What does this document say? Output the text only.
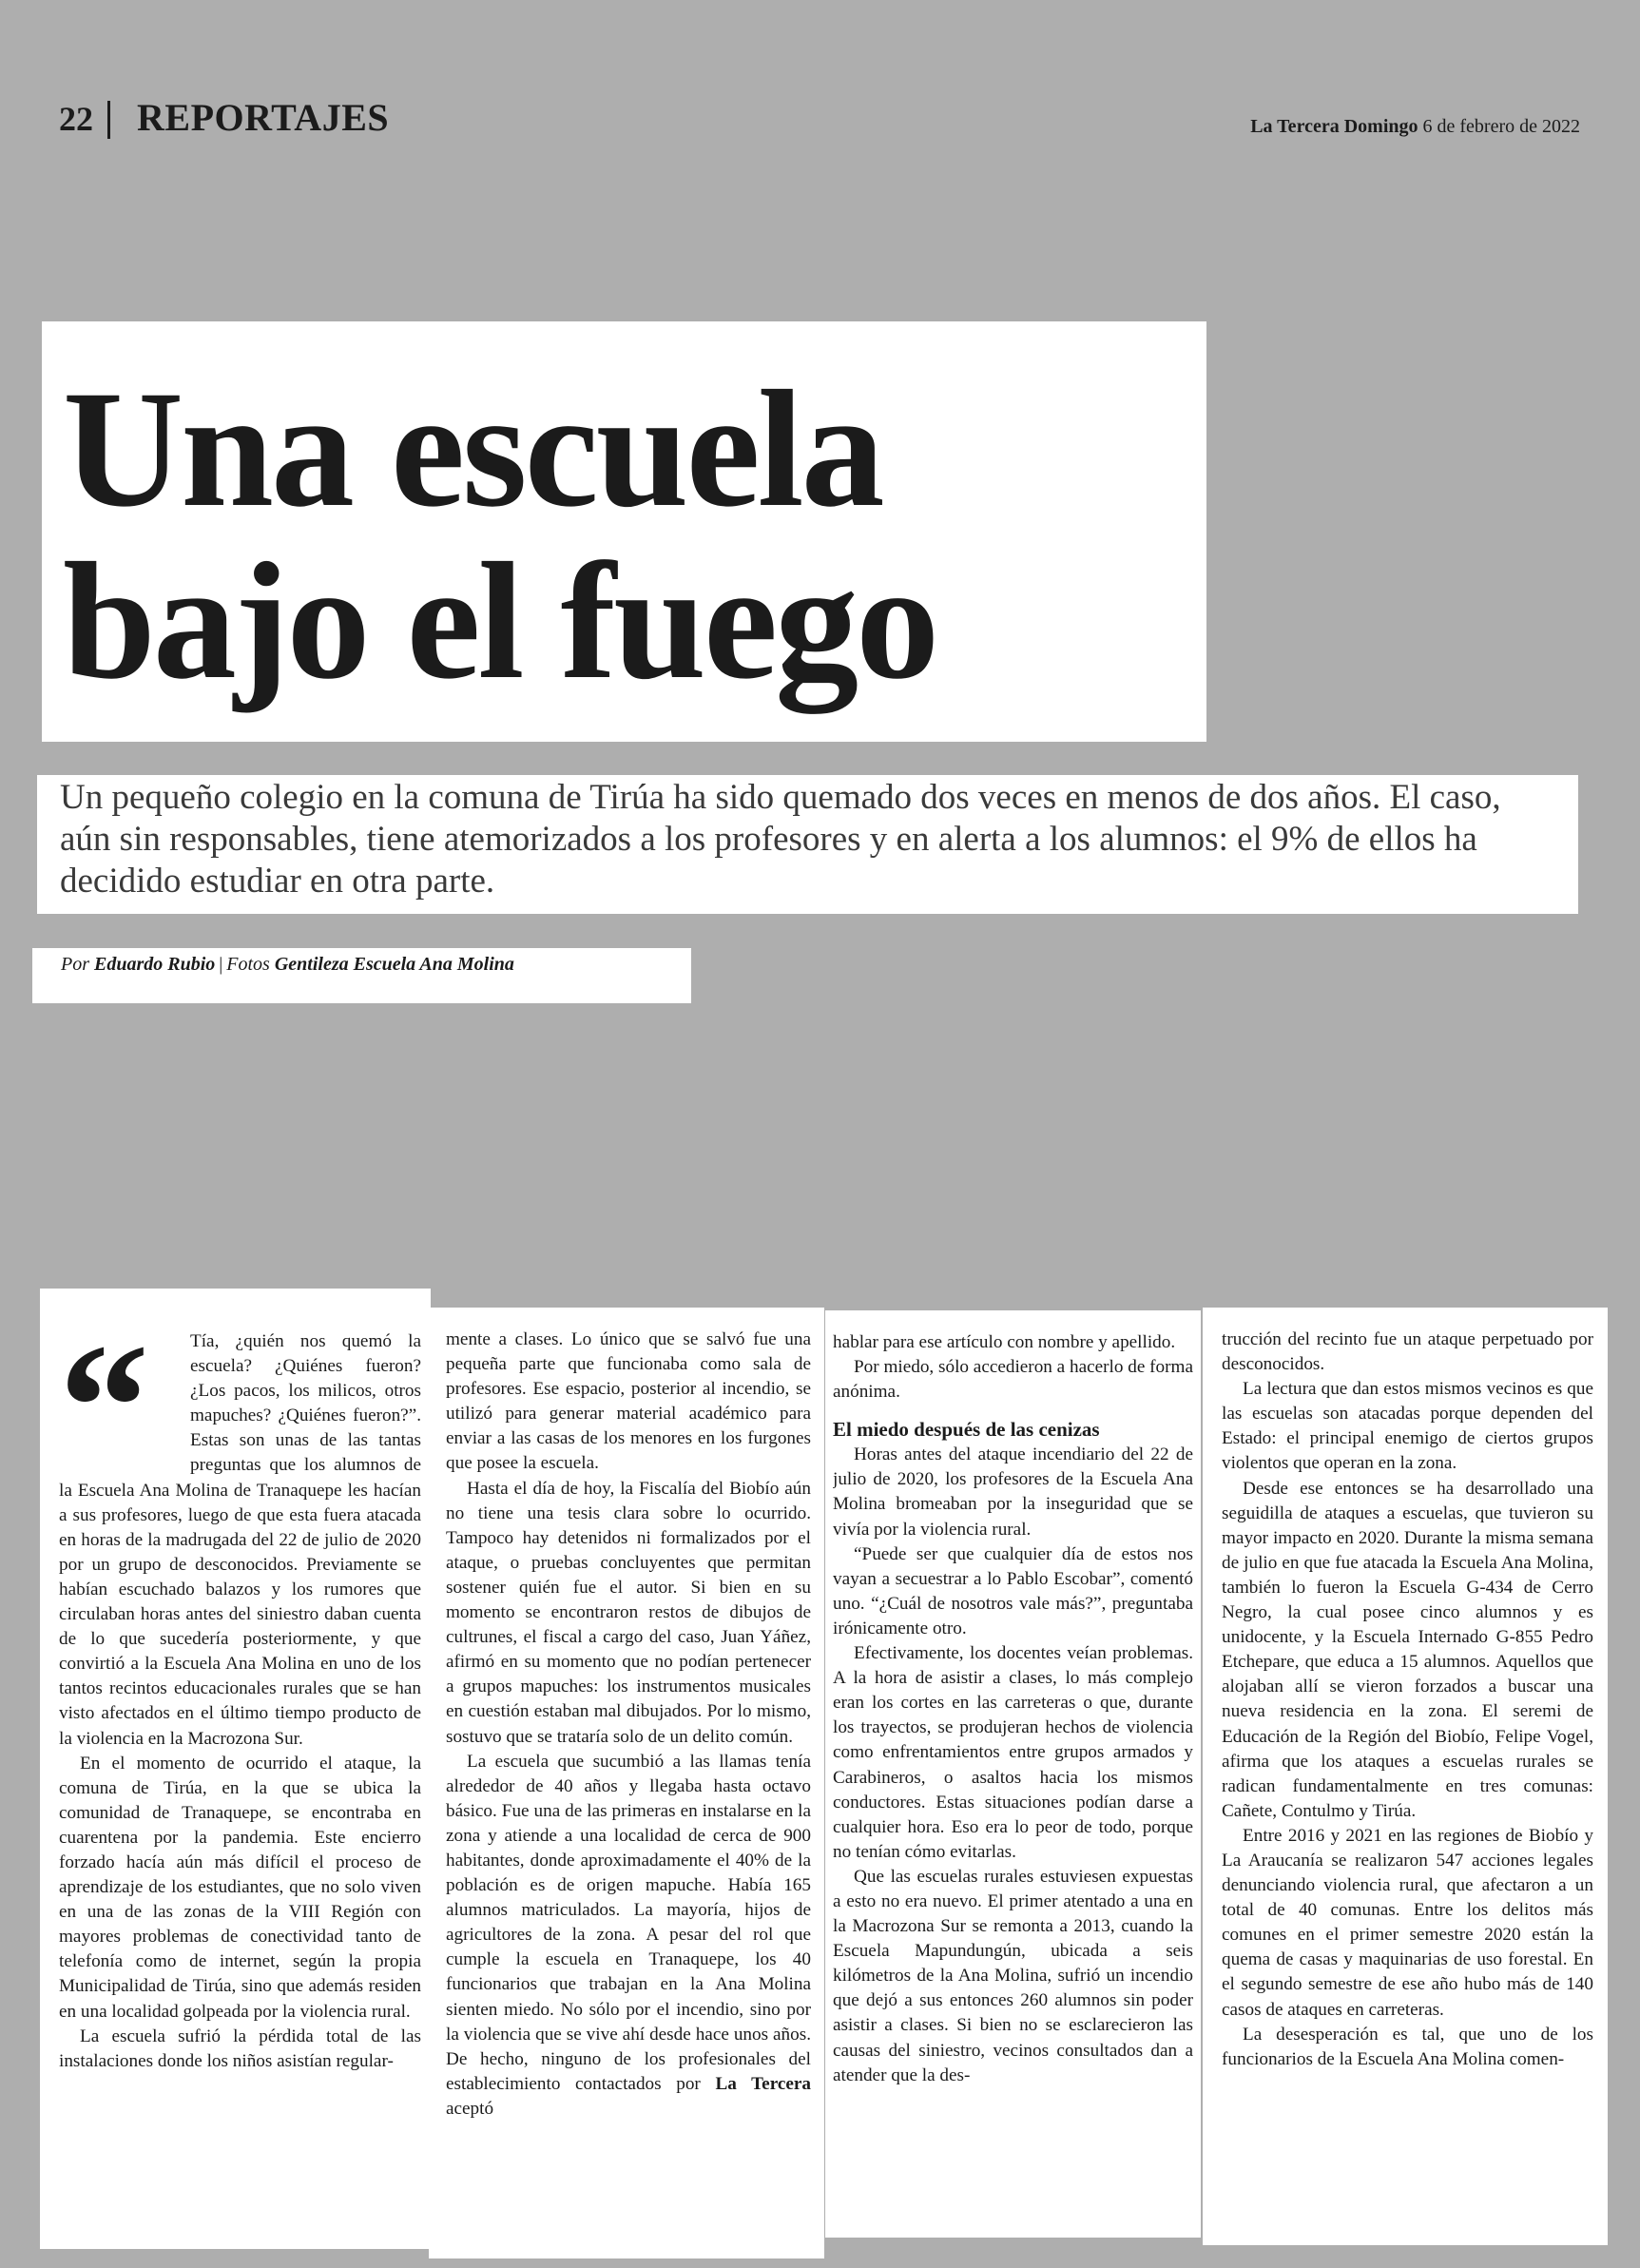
22 REPORTAJES	La Tercera Domingo 6 de febrero de 2022
Una escuela
bajo el fuego
Un pequeño colegio en la comuna de Tirúa ha sido quemado dos veces en menos de dos años. El caso, aún sin responsables, tiene atemorizados a los profesores y en alerta a los alumnos: el 9% de ellos ha decidido estudiar en otra parte.
Por Eduardo Rubio | Fotos Gentileza Escuela Ana Molina
“	Tía, ¿quién nos quemó la escuela? ¿Quiénes fueron? ¿Los pacos, los milicos, otros mapuches? ¿Quiénes fueron?”. Estas son unas de las tantas preguntas que los alumnos de la Escuela Ana Molina de Tranaquepe les hacían a sus profesores, luego de que esta fuera atacada en horas de la madrugada del 22 de julio de 2020 por un grupo de desconocidos. Previamente se habían escuchado balazos y los rumores que circulaban horas antes del siniestro daban cuenta de lo que sucedería posteriormente, y que convirtió a la Escuela Ana Molina en uno de los tantos recintos educacionales rurales que se han visto afectados en el último tiempo producto de la violencia en la Macrozona Sur.

En el momento de ocurrido el ataque, la comuna de Tirúa, en la que se ubica la comunidad de Tranaquepe, se encontraba en cuarentena por la pandemia. Este encierro forzado hacía aún más difícil el proceso de aprendizaje de los estudiantes, que no solo viven en una de las zonas de la VIII Región con mayores problemas de conectividad tanto de telefonía como de internet, según la propia Municipalidad de Tirúa, sino que además residen en una localidad golpeada por la violencia rural.

La escuela sufrió la pérdida total de las instalaciones donde los niños asistían regular-

mente a clases. Lo único que se salvó fue una pequeña parte que funcionaba como sala de profesores. Ese espacio, posterior al incendio, se utilizó para generar material académico para enviar a las casas de los menores en los furgones que posee la escuela.

Hasta el día de hoy, la Fiscalía del Biobío aún no tiene una tesis clara sobre lo ocurrido. Tampoco hay detenidos ni formalizados por el ataque, o pruebas concluyentes que permitan sostener quién fue el autor. Si bien en su momento se encontraron restos de dibujos de cultrunes, el fiscal a cargo del caso, Juan Yáñez, afirmó en su momento que no podían pertenecer a grupos mapuches: los instrumentos musicales en cuestión estaban mal dibujados. Por lo mismo, sostuvo que se trataría solo de un delito común.

La escuela que sucumbió a las llamas tenía alrededor de 40 años y llegaba hasta octavo básico. Fue una de las primeras en instalarse en la zona y atiende a una localidad de cerca de 900 habitantes, donde aproximadamente el 40% de la población es de origen mapuche. Había 165 alumnos matriculados. La mayoría, hijos de agricultores de la zona. A pesar del rol que cumple la escuela en Tranaquepe, los 40 funcionarios que trabajan en la Ana Molina sienten miedo. No sólo por el incendio, sino por la violencia que se vive ahí desde hace unos años. De hecho, ninguno de los profesionales del establecimiento contactados por La Tercera aceptó

hablar para ese artículo con nombre y apellido.

Por miedo, sólo accedieron a hacerlo de forma anónima.

El miedo después de las cenizas

Horas antes del ataque incendiario del 22 de julio de 2020, los profesores de la Escuela Ana Molina bromeaban por la inseguridad que se vivía por la violencia rural.

“Puede ser que cualquier día de estos nos vayan a secuestrar a lo Pablo Escobar”, comentó uno. “¿Cuál de nosotros vale más?”, preguntaba irónicamente otro.

Efectivamente, los docentes veían problemas. A la hora de asistir a clases, lo más complejo eran los cortes en las carreteras o que, durante los trayectos, se produjeran hechos de violencia como enfrentamientos entre grupos armados y Carabineros, o asaltos hacia los mismos conductores. Estas situaciones podían darse a cualquier hora. Eso era lo peor de todo, porque no tenían cómo evitarlas.

Que las escuelas rurales estuviesen expuestas a esto no era nuevo. El primer atentado a una en la Macrozona Sur se remonta a 2013, cuando la Escuela Mapundungún, ubicada a seis kilómetros de la Ana Molina, sufrió un incendio que dejó a sus entonces 260 alumnos sin poder asistir a clases. Si bien no se esclarecieron las causas del siniestro, vecinos consultados dan a atender que la des-

trucción del recinto fue un ataque perpetuado por desconocidos.

La lectura que dan estos mismos vecinos es que las escuelas son atacadas porque dependen del Estado: el principal enemigo de ciertos grupos violentos que operan en la zona.

Desde ese entonces se ha desarrollado una seguidilla de ataques a escuelas, que tuvieron su mayor impacto en 2020. Durante la misma semana de julio en que fue atacada la Escuela Ana Molina, también lo fueron la Escuela G-434 de Cerro Negro, la cual posee cinco alumnos y es unidocente, y la Escuela Internado G-855 Pedro Etchepare, que educa a 15 alumnos. Aquellos que alojaban allí se vieron forzados a buscar una nueva residencia en la zona. El seremi de Educación de la Región del Biobío, Felipe Vogel, afirma que los ataques a escuelas rurales se radican fundamentalmente en tres comunas: Cañete, Contulmo y Tirúa.

Entre 2016 y 2021 en las regiones de Biobío y La Araucanía se realizaron 547 acciones legales denunciando violencia rural, que afectaron a un total de 40 comunas. Entre los delitos más comunes en el primer semestre 2020 están la quema de casas y maquinarias de uso forestal. En el segundo semestre de ese año hubo más de 140 casos de ataques en carreteras.

La desesperación es tal, que uno de los funcionarios de la Escuela Ana Molina comen-
